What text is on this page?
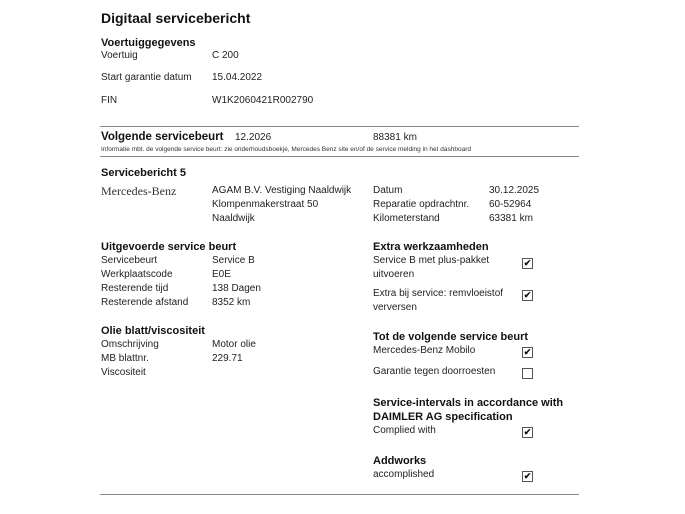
Digitaal servicebericht
Voertuiggegevens
Voertuig	C 200
Start garantie datum 15.04.2022
FIN	W1K2060421R002790
Volgende servicebeurt 12.2026	88381 km
Informatie mbt. de volgende service beurt: zie onderhoudsboekje, Mercedes Benz site en/of de service melding in het dashboard
Servicebericht 5
Mercedes-Benz	AGAM B.V. Vestiging Naaldwijk
Klompenmakerstraat 50
Naaldwijk
Datum	30.12.2025
Reparatie opdrachtnr. 60-52964
Kilometerstand	63381 km
Uitgevoerde service beurt
Servicebeurt	Service B
Werkplaatscode	E0E
Resterende tijd	138 Dagen
Resterende afstand 8352 km
Olie blatt/viscositeit
Omschrijving	Motor olie
MB blattnr.	229.71
Viscositeit
Extra werkzaamheden
Service B met plus-pakket
uitvoeren
✔
Extra bij service: remvloeistof
verversen
✔
Tot de volgende service beurt
Mercedes-Benz Mobilo	✔
Garantie tegen doorroesten
Service-intervals in accordance with
DAIMLER AG specification
Complied with	✔
Addworks
accomplished	✔
